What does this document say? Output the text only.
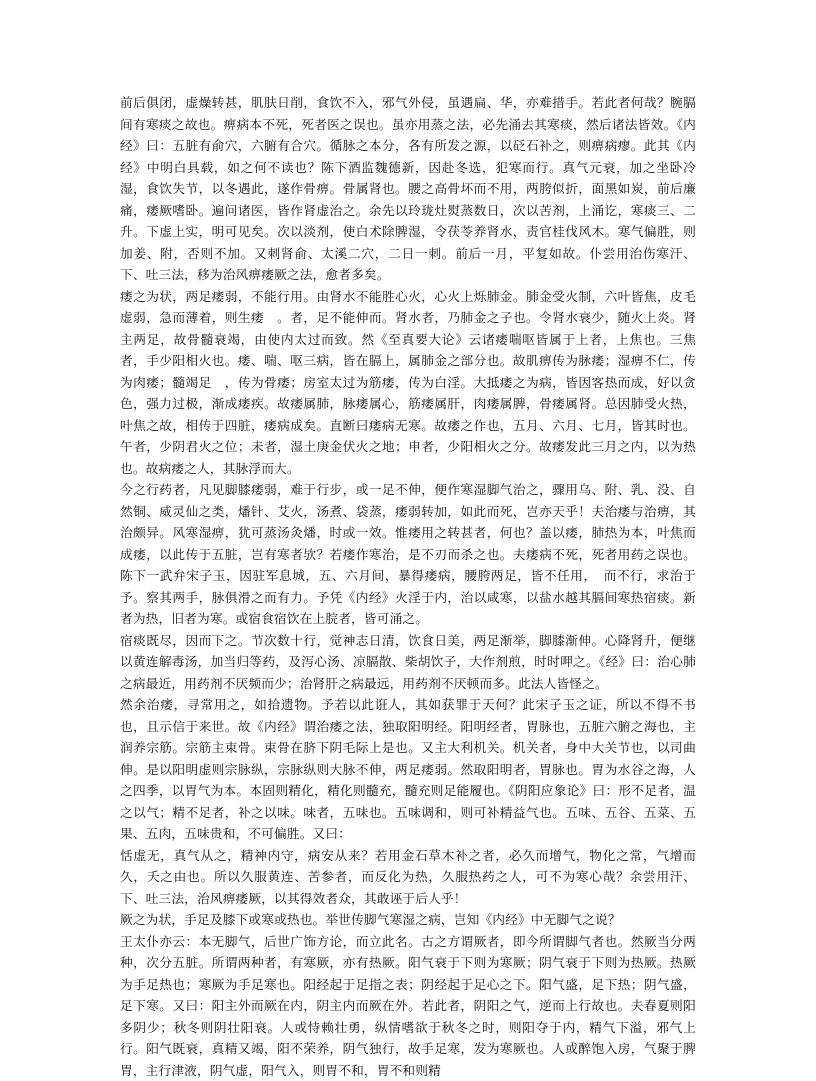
前后俱闭，虚燥转甚，肌肤日削，食饮不入，邪气外侵，虽遇扁、华，亦难措手。若此者何哉？腕膈间有寒痰之故也。痹病本不死，死者医之误也。虽亦用蒸之法，必先涌去其寒痰，然后诸法皆效。《内经》曰：五脏有俞穴，六腑有合穴。循脉之本分，各有所发之源，以砭石补之，则痹病瘳。此其《内经》中明白具载，如之何不读也？陈下酒监魏德新，因赴冬选，犯寒而行。真气元衰，加之坐卧冷湿，食饮失节，以冬遇此，遂作骨痹。骨属肾也。腰之高骨坏而不用，两胯似折，面黑如炭，前后廉痛，痿厥嗜卧。遍问诸医，皆作肾虚治之。余先以玲珑灶熨蒸数日，次以苦剂，上涌讫，寒痰三、二升。下虚上实，明可见矣。次以淡剂，使白术除脾湿，令茯苓养肾水，责官桂伐风木。寒气偏胜，则加姜、附，否则不加。又刺肾俞、太溪二穴，二日一刺。前后一月，平复如故。仆尝用治伤寒汗、下、吐三法，移为治风痹痿厥之法，愈者多矣。

痿之为状，两足痿弱，不能行用。由肾水不能胜心火，心火上烁肺金。肺金受火制，六叶皆焦，皮毛虚弱，急而薄着，则生痿　。者，足不能伸而。肾水者，乃肺金之子也。令肾水衰少，随火上炎。肾主两足，故骨髓衰竭，由使内太过而致。然《至真要大论》云诸痿喘呕皆属于上者，上焦也。三焦者，手少阳相火也。痿、喘、呕三病，皆在膈上，属肺金之部分也。故肌痹传为脉痿；湿痹不仁，传为肉痿；髓竭足　，传为骨痿；房室太过为筋痿，传为白淫。大抵痿之为病，皆因客热而成，好以贪色，强力过极，渐成痿疾。故痿属肺，脉痿属心，筋痿属肝，肉痿属脾，骨痿属肾。总因肺受火热，叶焦之故，相传于四脏，痿病成矣。直断曰痿病无寒。故痿之作也，五月、六月、七月，皆其时也。午者，少阴君火之位；未者，湿土庚金伏火之地；申者，少阳相火之分。故痿发此三月之内，以为热也。故病痿之人，其脉浮而大。

今之行药者，凡见脚膝痿弱，难于行步，或一足不伸，便作寒湿脚气治之，骤用乌、附、乳、没、自然铜、威灵仙之类，燔针、艾火，汤煮、袋蒸，痿弱转加，如此而死，岂亦天乎！夫治痿与治痹，其治颇异。风寒湿痹，犹可蒸汤灸燔，时或一效。惟痿用之转甚者，何也？盖以痿，肺热为本，叶焦而成痿，以此传于五脏，岂有寒者欤？若痿作寒治，是不刃而杀之也。夫痿病不死，死者用药之误也。陈下一武弁宋子玉，因驻军息城，五、六月间，暴得痿病，腰胯两足，皆不任用，　而不行，求治于予。察其两手，脉俱滑之而有力。予凭《内经》火淫于内，治以咸寒，以盐水越其膈间寒热宿痰。新者为热，旧者为寒。或宿食宿饮在上脘者，皆可涌之。

宿痰既尽，因而下之。节次数十行，觉神志日清，饮食日美，两足渐举，脚膝渐伸。心降肾升，便继以黄连解毒汤，加当归等药，及泻心汤、凉膈散、柴胡饮子，大作剂煎，时时呷之。《经》曰：治心肺之病最近，用药剂不厌频而少；治肾肝之病最远，用药剂不厌顿而多。此法人皆怪之。

然余治痿，寻常用之，如拾遗物。予若以此诳人，其如获罪于天何？此宋子玉之证，所以不得不书也，且示信于来世。故《内经》谓治痿之法，独取阳明经。阳明经者，胃脉也，五脏六腑之海也，主润养宗筋。宗筋主束骨。束骨在脐下阴毛际上是也。又主大利机关。机关者，身中大关节也，以司曲伸。是以阳明虚则宗脉纵，宗脉纵则大脉不伸，两足痿弱。然取阳明者，胃脉也。胃为水谷之海，人之四季，以胃气为本。本固则精化，精化则髓充，髓充则足能履也。《阴阳应象论》曰：形不足者，温之以气；精不足者，补之以味。味者，五味也。五味调和，则可补精益气也。五味、五谷、五菜、五果、五肉，五味贵和，不可偏胜。又曰：

恬虚无，真气从之，精神内守，病安从来？若用金石草木补之者，必久而增气，物化之常，气增而久，夭之由也。所以久服黄连、苦参者，而反化为热，久服热药之人，可不为寒心哉？余尝用汗、下、吐三法，治风痹痿厥，以其得效者众，其敢诬于后人乎！

厥之为状，手足及膝下或寒或热也。举世传脚气寒湿之病，岂知《内经》中无脚气之说？

王太仆亦云：本无脚气，后世广饰方论，而立此名。古之方谓厥者，即今所谓脚气者也。然厥当分两种，次分五脏。所谓两种者，有寒厥，亦有热厥。阳气衰于下则为寒厥；阴气衰于下则为热厥。热厥为手足热也；寒厥为手足寒也。阳经起于足指之表；阴经起于足心之下。阳气盛，足下热；阴气盛，足下寒。又曰：阳主外而厥在内，阴主内而厥在外。若此者，阴阳之气，逆而上行故也。夫春夏则阳多阴少；秋冬则阴壮阳衰。人或恃赖壮勇，纵情嗜欲于秋冬之时，则阳夺于内，精气下溢，邪气上行。阳气既衰，真精又竭，阳不荣养，阴气独行，故手足寒，发为寒厥也。人或醉饱入房，气聚于脾胃，主行津液，阴气虚，阳气入，则胃不和，胃不和则精
